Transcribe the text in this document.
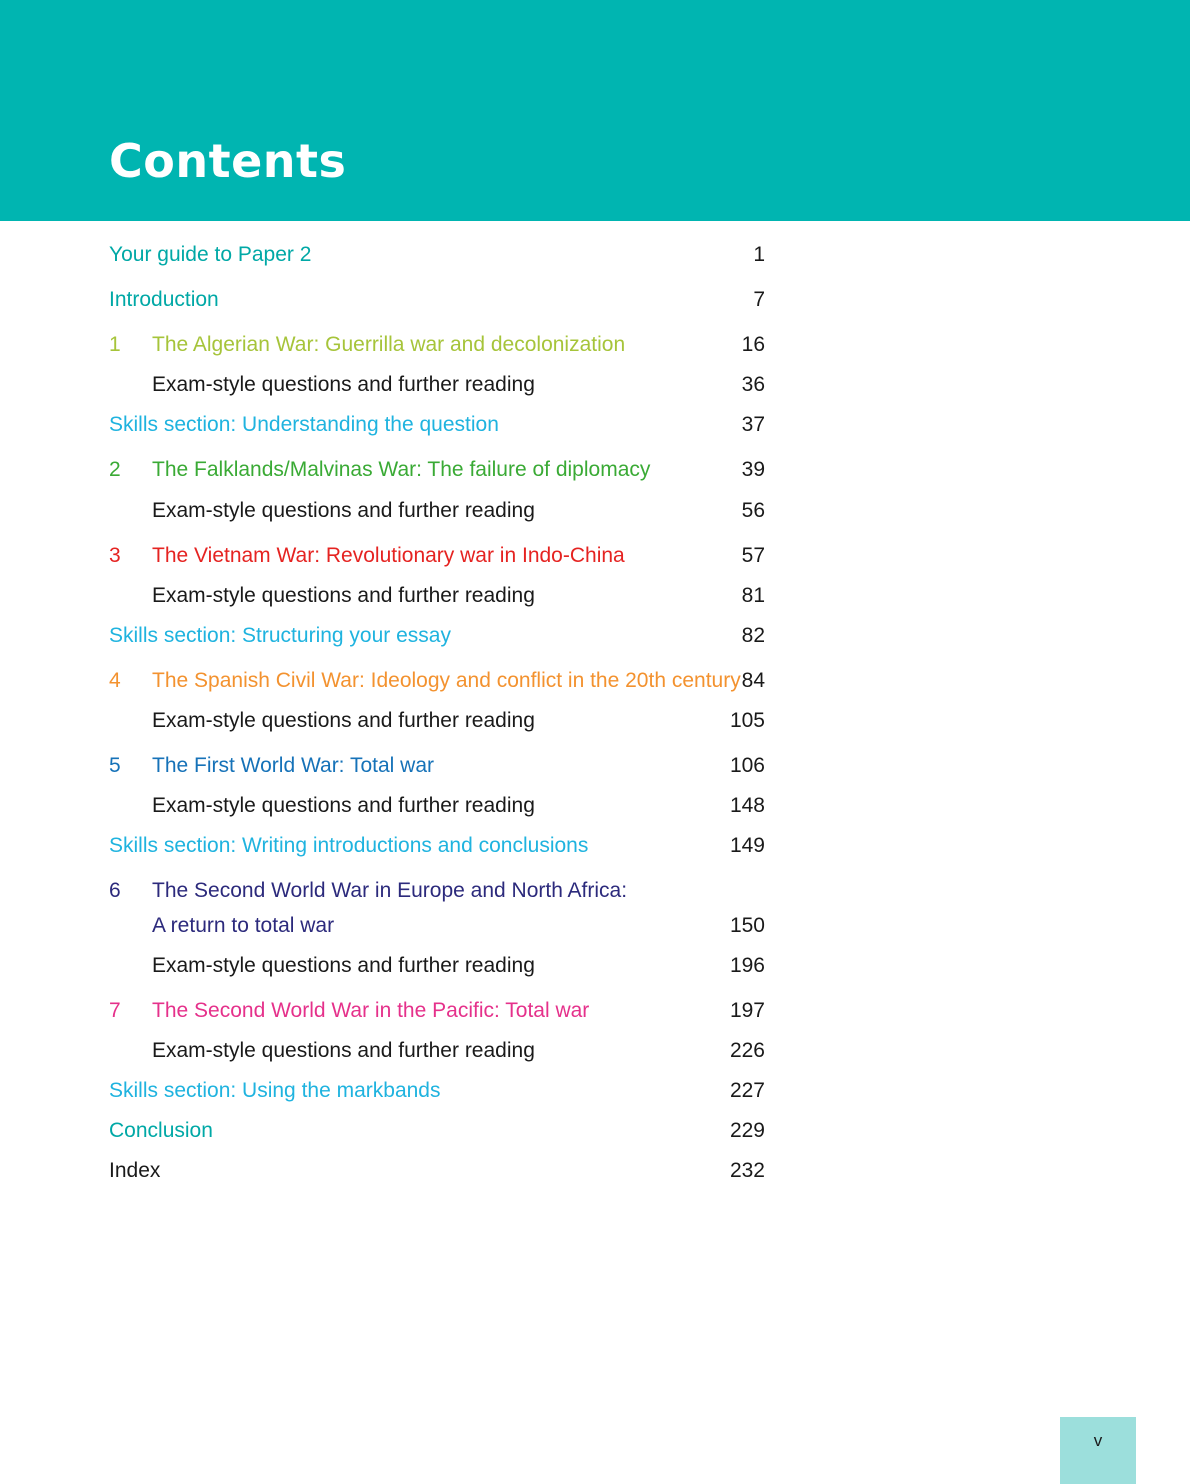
Contents
Your guide to Paper 2	1
Introduction	7
1 The Algerian War: Guerrilla war and decolonization	16
Exam-style questions and further reading	36
Skills section: Understanding the question	37
2 The Falklands/Malvinas War: The failure of diplomacy	39
Exam-style questions and further reading	56
3 The Vietnam War: Revolutionary war in Indo-China	57
Exam-style questions and further reading	81
Skills section: Structuring your essay	82
4 The Spanish Civil War: Ideology and conflict in the 20th century 84
Exam-style questions and further reading	105
5 The First World War: Total war	106
Exam-style questions and further reading	148
Skills section: Writing introductions and conclusions	149
6 The Second World War in Europe and North Africa:
A return to total war	150
Exam-style questions and further reading	196
7 The Second World War in the Pacific: Total war	197
Exam-style questions and further reading	226
Skills section: Using the markbands	227
Conclusion	229
Index	232
v
